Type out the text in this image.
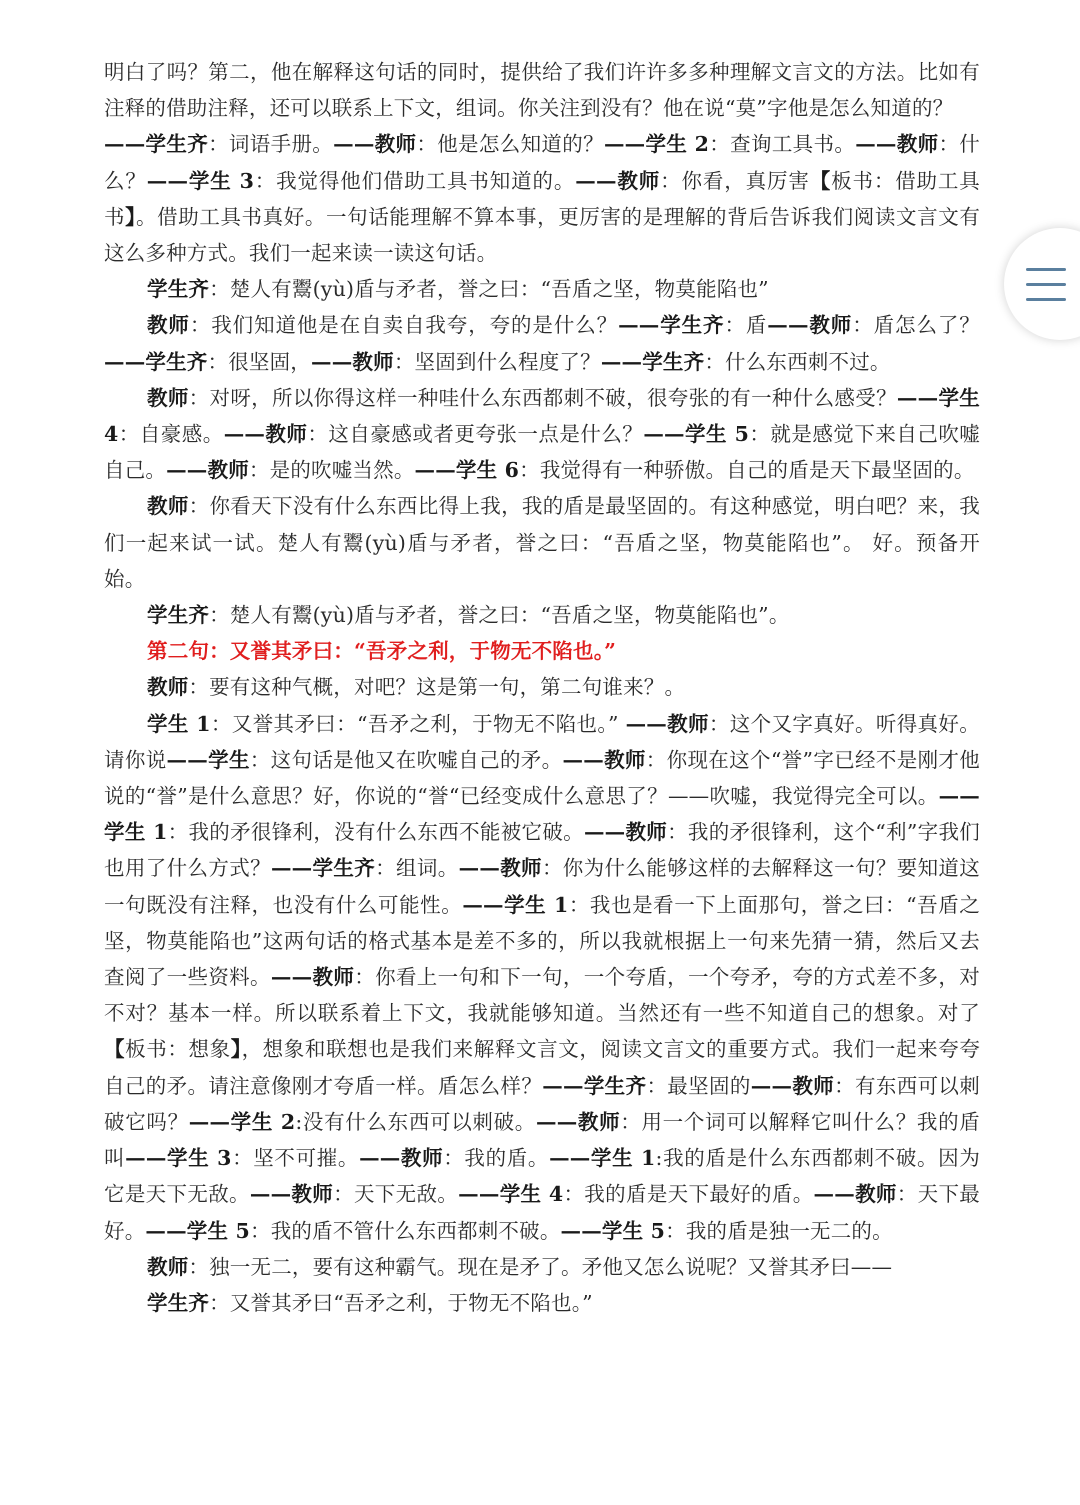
明白了吗？第二，他在解释这句话的同时，提供给了我们许许多多种理解文言文的方法。比如有注释的借助注释，还可以联系上下文，组词。你关注到没有？他在说“莫”字他是怎么知道的？

——学生齐：词语手册。——教师：他是怎么知道的？——学生 2：查询工具书。——教师：什么？——学生 3：我觉得他们借助工具书知道的。——教师：你看，真厉害【板书：借助工具书】。借助工具书真好。一句话能理解不算本事，更厉害的是理解的背后告诉我们阅读文言文有这么多种方式。我们一起来读一读这句话。

学生齐：楚人有鬻(yù)盾与矛者，誉之曰：“吾盾之坚，物莫能陷也”

教师：我们知道他是在自卖自我夸，夸的是什么？——学生齐：盾——教师：盾怎么了？——学生齐：很坚固，——教师：坚固到什么程度了？——学生齐：什么东西刺不过。

教师：对呀，所以你得这样一种哇什么东西都刺不破，很夸张的有一种什么感受？——学生 4：自豪感。——教师：这自豪感或者更夸张一点是什么？——学生 5：就是感觉下来自己吹嘘自己。——教师：是的吹嘘当然。——学生 6：我觉得有一种骄傲。自己的盾是天下最坚固的。

教师：你看天下没有什么东西比得上我，我的盾是最坚固的。有这种感觉，明白吧？来，我们一起来试一试。楚人有鬻(yù)盾与矛者，誉之曰：“吾盾之坚，物莫能陷也”。 好。预备开始。

学生齐：楚人有鬻(yù)盾与矛者，誉之曰：“吾盾之坚，物莫能陷也”。

第二句：又誉其矛曰：“吾矛之利，于物无不陷也。”

教师：要有这种气概，对吧？这是第一句，第二句谁来？。

学生 1：又誉其矛曰：“吾矛之利，于物无不陷也。” ——教师：这个又字真好。听得真好。请你说——学生：这句话是他又在吹嘘自己的矛。——教师：你现在这个“誉”字已经不是刚才他说的“誉”是什么意思？好，你说的“誉“已经变成什么意思了？——吹嘘，我觉得完全可以。——学生 1：我的矛很锋利，没有什么东西不能被它破。——教师：我的矛很锋利，这个“利”字我们也用了什么方式？——学生齐：组词。——教师：你为什么能够这样的去解释这一句？要知道这一句既没有注释，也没有什么可能性。——学生 1：我也是看一下上面那句，誉之曰：“吾盾之坚，物莫能陷也”这两句话的格式基本是差不多的，所以我就根据上一句来先猜一猜，然后又去查阅了一些资料。——教师：你看上一句和下一句，一个夸盾，一个夸矛，夸的方式差不多，对不对？基本一样。所以联系着上下文，我就能够知道。当然还有一些不知道自己的想象。对了【板书：想象】，想象和联想也是我们来解释文言文，阅读文言文的重要方式。我们一起来夸夸自己的矛。请注意像刚才夸盾一样。盾怎么样？——学生齐：最坚固的——教师：有东西可以刺破它吗？——学生 2:没有什么东西可以刺破。——教师：用一个词可以解释它叫什么？我的盾叫——学生 3：坚不可摧。——教师：我的盾。——学生 1:我的盾是什么东西都刺不破。因为它是天下无敌。——教师：天下无敌。——学生 4：我的盾是天下最好的盾。——教师：天下最好。——学生 5：我的盾不管什么东西都刺不破。——学生 5：我的盾是独一无二的。

教师：独一无二，要有这种霸气。现在是矛了。矛他又怎么说呢？又誉其矛曰——

学生齐：又誉其矛曰“吾矛之利，于物无不陷也。”
